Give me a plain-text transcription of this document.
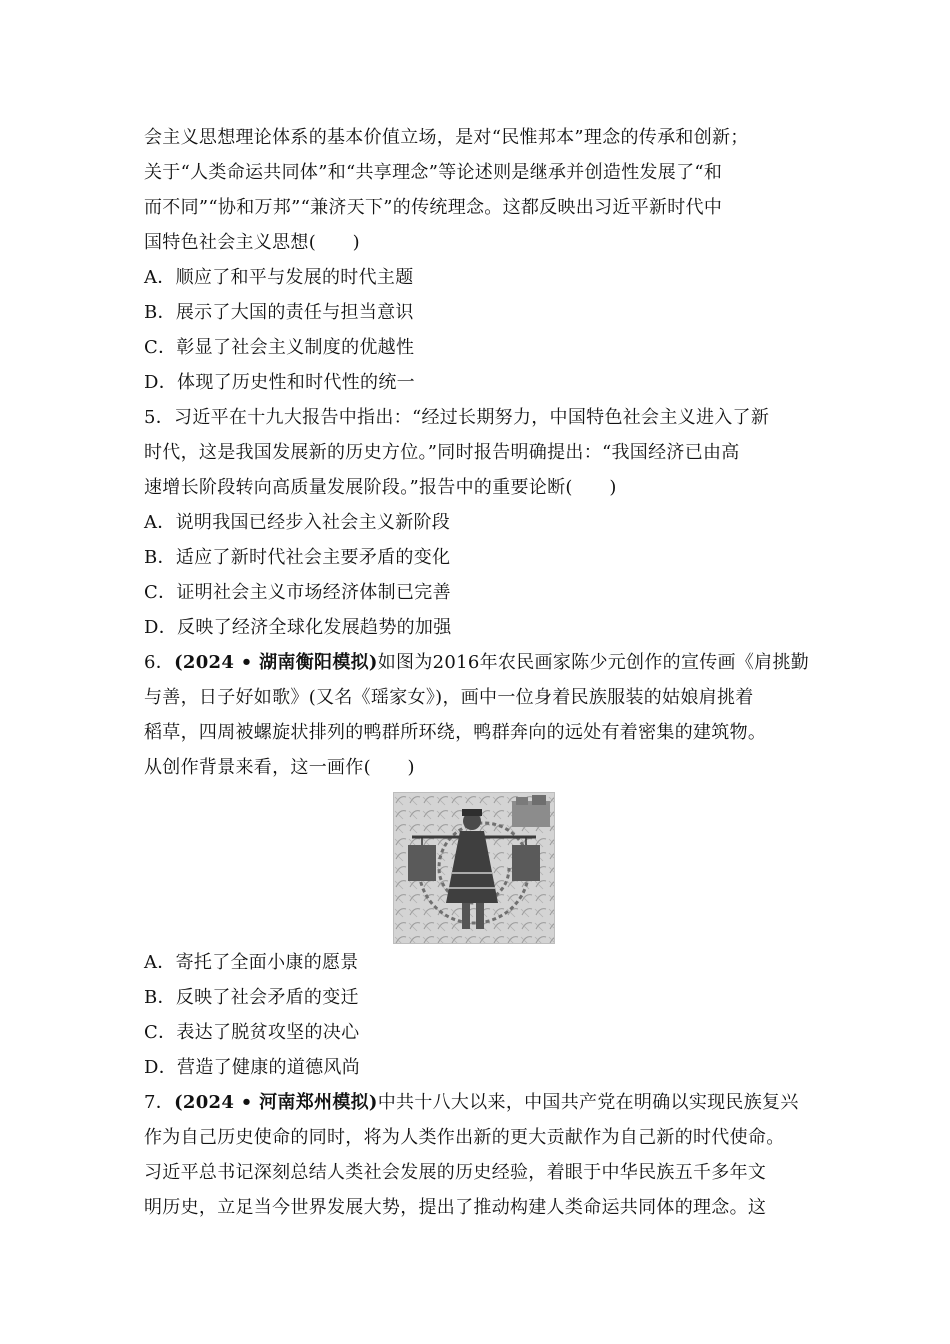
会主义思想理论体系的基本价值立场，是对“民惟邦本”理念的传承和创新；
关于“人类命运共同体”和“共享理念”等论述则是继承并创造性发展了“和
而不同”“协和万邦”“兼济天下”的传统理念。这都反映出习近平新时代中
国特色社会主义思想(　　)
A．顺应了和平与发展的时代主题
B．展示了大国的责任与担当意识
C．彰显了社会主义制度的优越性
D．体现了历史性和时代性的统一
5．习近平在十九大报告中指出：“经过长期努力，中国特色社会主义进入了新
时代，这是我国发展新的历史方位。”同时报告明确提出：“我国经济已由高
速增长阶段转向高质量发展阶段。”报告中的重要论断(　　)
A．说明我国已经步入社会主义新阶段
B．适应了新时代社会主要矛盾的变化
C．证明社会主义市场经济体制已完善
D．反映了经济全球化发展趋势的加强
6．(2024 • 湖南衡阳模拟)如图为2016年农民画家陈少元创作的宣传画《肩挑勤
与善，日子好如歌》(又名《瑶家女》)，画中一位身着民族服装的姑娘肩挑着
稻草，四周被螺旋状排列的鸭群所环绕，鸭群奔向的远处有着密集的建筑物。
从创作背景来看，这一画作(　　)
A．寄托了全面小康的愿景
B．反映了社会矛盾的变迁
C．表达了脱贫攻坚的决心
D．营造了健康的道德风尚
7．(2024 • 河南郑州模拟)中共十八大以来，中国共产党在明确以实现民族复兴
作为自己历史使命的同时，将为人类作出新的更大贡献作为自己新的时代使命。
习近平总书记深刻总结人类社会发展的历史经验，着眼于中华民族五千多年文
明历史，立足当今世界发展大势，提出了推动构建人类命运共同体的理念。这
